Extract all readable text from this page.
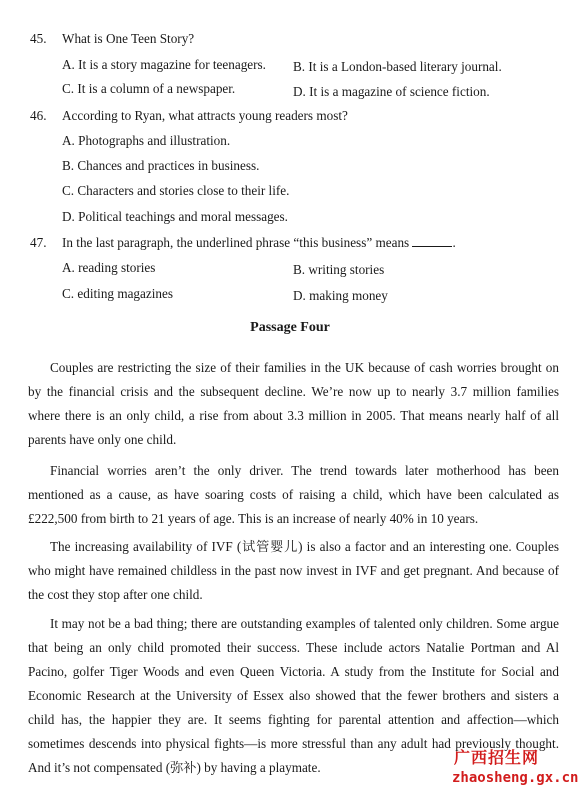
45. What is One Teen Story?
A. It is a story magazine for teenagers. B. It is a London-based literary journal.
C. It is a column of a newspaper.	D. It is a magazine of science fiction.
46. According to Ryan, what attracts young readers most?
A. Photographs and illustration.
B. Chances and practices in business.
C. Characters and stories close to their life.
D. Political teachings and moral messages.
47. In the last paragraph, the underlined phrase “this business” means	.
A. reading stories	B. writing stories
C. editing magazines	D. making money
Passage Four
Couples are restricting the size of their families in the UK because of cash worries brought on by the financial crisis and the subsequent decline. We’re now up to nearly 3.7 million families where there is an only child, a rise from about 3.3 million in 2005. That means nearly half of all parents have only one child.
Financial worries aren’t the only driver. The trend towards later motherhood has been mentioned as a cause, as have soaring costs of raising a child, which have been calculated as £222,500 from birth to 21 years of age. This is an increase of nearly 40% in 10 years.
The increasing availability of IVF (试管婴儿) is also a factor and an interesting one. Couples who might have remained childless in the past now invest in IVF and get pregnant. And because of the cost they stop after one child.
It may not be a bad thing; there are outstanding examples of talented only children. Some argue that being an only child promoted their success. These include actors Natalie Portman and Al Pacino, golfer Tiger Woods and even Queen Victoria. A study from the Institute for Social and Economic Research at the University of Essex also showed that the fewer brothers and sisters a child has, the happier they are. It seems fighting for parental attention and affection—which sometimes descends into physical fights—is more stressful than any adult had previously thought. And it’s not compensated (弥补) by having a playmate.
广西招生网
zhaosheng.gx.cn
